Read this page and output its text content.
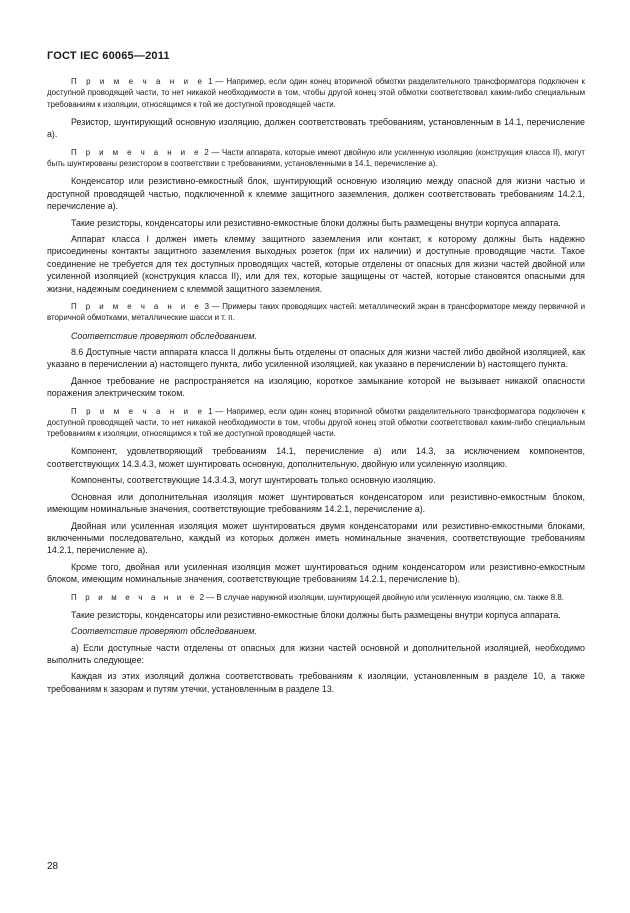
ГОСТ IEC 60065—2011

П р и м е ч а н и е 1 — Например, если один конец вторичной обмотки разделительного трансформатора подключен к доступной проводящей части, то нет никакой необходимости в том, чтобы другой конец этой обмотки соответствовал каким-либо специальным требованиям к изоляции, относящимся к той же доступной проводящей части.

Резистор, шунтирующий основную изоляцию, должен соответствовать требованиям, установленным в 14.1, перечисление а).

П р и м е ч а н и е 2 — Части аппарата, которые имеют двойную или усиленную изоляцию (конструкция класса II), могут быть шунтированы резистором в соответствии с требованиями, установленными в 14.1, перечисление а).

Конденсатор или резистивно-емкостный блок, шунтирующий основную изоляцию между опасной для жизни частью и доступной проводящей частью, подключенной к клемме защитного заземления, должен соответствовать требованиям 14.2.1, перечисление а).

Такие резисторы, конденсаторы или резистивно-емкостные блоки должны быть размещены внутри корпуса аппарата.

Аппарат класса I должен иметь клемму защитного заземления или контакт, к которому должны быть надежно присоединены контакты защитного заземления выходных розеток (при их наличии) и доступные проводящие части. Такое соединение не требуется для тех доступных проводящих частей, которые отделены от опасных для жизни частей двойной или усиленной изоляцией (конструкция класса II), или для тех, которые защищены от частей, которые становятся опасными для жизни, надежным соединением с клеммой защитного заземления.

П р и м е ч а н и е 3 — Примеры таких проводящих частей: металлический экран в трансформаторе между первичной и вторичной обмотками, металлические шасси и т. п.

Соответствие проверяют обследованием.

8.6 Доступные части аппарата класса II должны быть отделены от опасных для жизни частей либо двойной изоляцией, как указано в перечислении а) настоящего пункта, либо усиленной изоляцией, как указано в перечислении b) настоящего пункта.

Данное требование не распространяется на изоляцию, короткое замыкание которой не вызывает никакой опасности поражения электрическим током.

П р и м е ч а н и е 1 — Например, если один конец вторичной обмотки разделительного трансформатора подключен к доступной проводящей части, то нет никакой необходимости в том, чтобы другой конец этой обмотки соответствовал каким-либо специальным требованиям к изоляции, относящимся к той же доступной проводящей части.

Компонент, удовлетворяющий требованиям 14.1, перечисление а) или 14.3, за исключением компонентов, соответствующих 14.3.4.3, может шунтировать основную, дополнительную, двойную или усиленную изоляцию.

Компоненты, соответствующие 14.3.4.3, могут шунтировать только основную изоляцию.

Основная или дополнительная изоляция может шунтироваться конденсатором или резистивно-емкостным блоком, имеющим номинальные значения, соответствующие требованиям 14.2.1, перечисление а).

Двойная или усиленная изоляция может шунтироваться двумя конденсаторами или резистивно-емкостными блоками, включенными последовательно, каждый из которых должен иметь номинальные значения, соответствующие требованиям 14.2.1, перечисление а).

Кроме того, двойная или усиленная изоляция может шунтироваться одним конденсатором или резистивно-емкостным блоком, имеющим номинальные значения, соответствующие требованиям 14.2.1, перечисление b).

П р и м е ч а н и е 2 — В случае наружной изоляции, шунтирующей двойную или усиленную изоляцию, см. также 8.8.

Такие резисторы, конденсаторы или резистивно-емкостные блоки должны быть размещены внутри корпуса аппарата.

Соответствие проверяют обследованием.

а) Если доступные части отделены от опасных для жизни частей основной и дополнительной изоляцией, необходимо выполнить следующее:

Каждая из этих изоляций должна соответствовать требованиям к изоляции, установленным в разделе 10, а также требованиям к зазорам и путям утечки, установленным в разделе 13.

28
